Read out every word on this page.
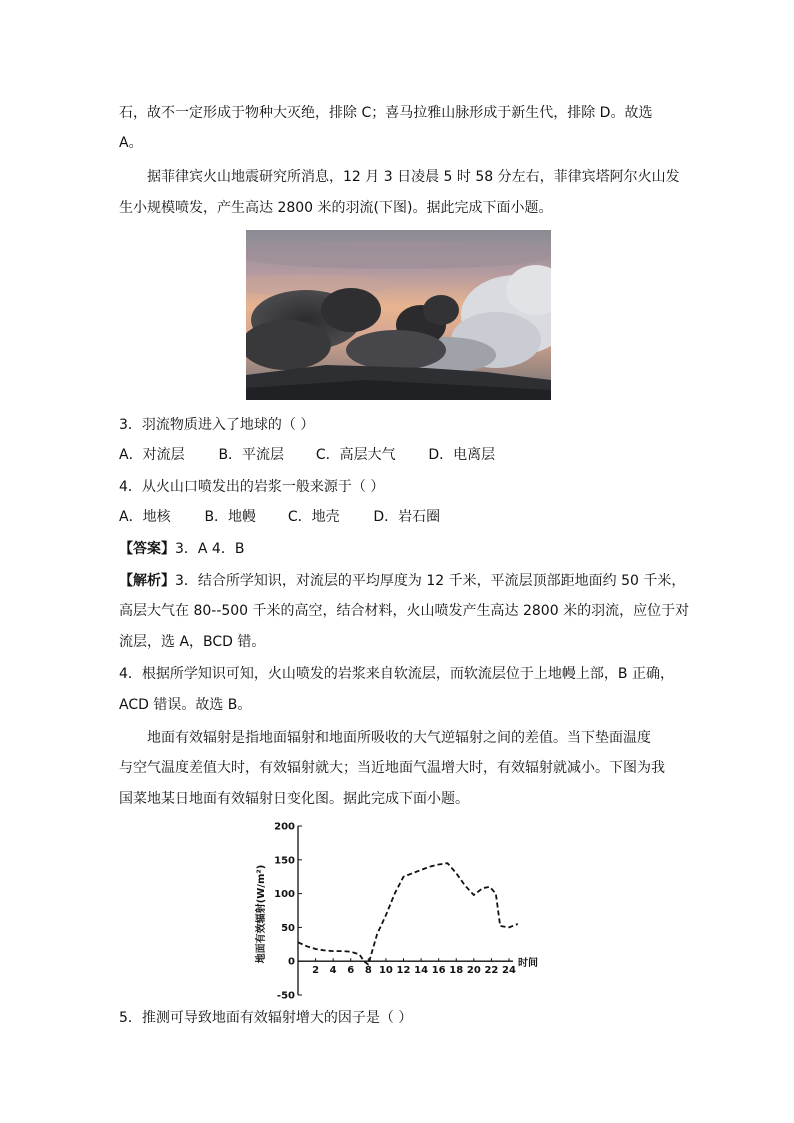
石，故不一定形成于物种大灭绝，排除 C；喜马拉雅山脉形成于新生代，排除 D。故选
A。
据菲律宾火山地震研究所消息，12 月 3 日凌晨 5 时 58 分左右，菲律宾塔阿尔火山发
生小规模喷发，产生高达 2800 米的羽流(下图)。据此完成下面小题。
3．羽流物质进入了地球的（ ）
A．对流层 B．平流层 C．高层大气 D．电离层
4．从火山口喷发出的岩浆一般来源于（ ）
A．地核 B．地幔 C．地壳 D．岩石圈
【答案】3．A 4．B
【解析】3．结合所学知识，对流层的平均厚度为 12 千米，平流层顶部距地面约 50 千米，
高层大气在 80--500 千米的高空，结合材料，火山喷发产生高达 2800 米的羽流，应位于对
流层，选 A，BCD 错。
4．根据所学知识可知，火山喷发的岩浆来自软流层，而软流层位于上地幔上部，B 正确，
ACD 错误。故选 B。
地面有效辐射是指地面辐射和地面所吸收的大气逆辐射之间的差值。当下垫面温度
与空气温度差值大时，有效辐射就大；当近地面气温增大时，有效辐射就减小。下图为我
国菜地某日地面有效辐射日变化图。据此完成下面小题。
200
150
100
50
0
-50
2 4 6 8 10 12 14 16 18 20 22 24
地面有效辐射(W/m²)
时间
5．推测可导致地面有效辐射增大的因子是（ ）
